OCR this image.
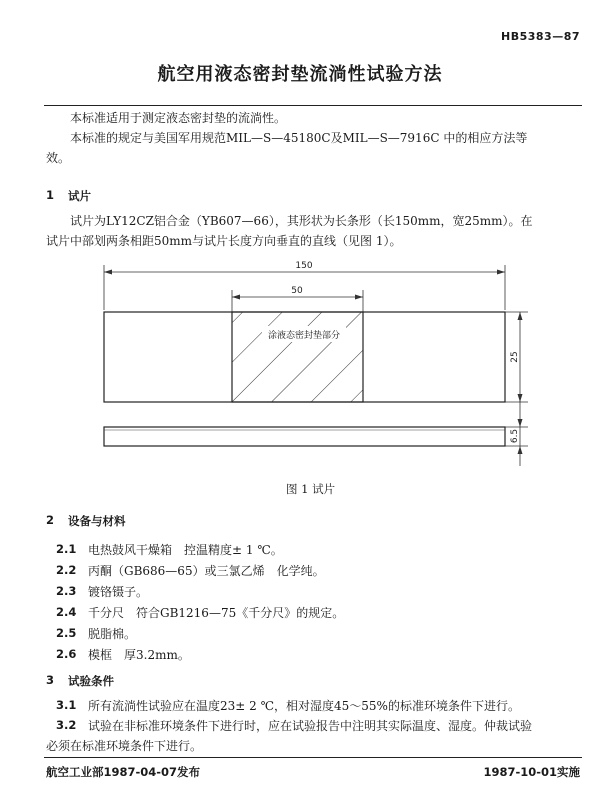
HB5383—87
航空用液态密封垫流淌性试验方法
本标准适用于测定液态密封垫的流淌性。
本标准的规定与美国军用规范MIL—S—45180C及MIL—S—7916C 中的相应方法等
效。
1 试片
试片为LY12CZ铝合金（YB607—66），其形状为长条形（长150mm，宽25mm）。在
试片中部划两条相距50mm与试片长度方向垂直的直线（见图 1）。
150
50
涂液态密封垫部分
25
6.5
图 1 试片
2 设备与材料
2.1 电热鼓风干燥箱　控温精度± 1 ℃。
2.2 丙酮（GB686—65）或三氯乙烯　化学纯。
2.3 镀铬镊子。
2.4 千分尺　符合GB1216—75《千分尺》的规定。
2.5 脱脂棉。
2.6 模框　厚3.2mm。
3 试验条件
3.1 所有流淌性试验应在温度23± 2 ℃，相对湿度45～55%的标准环境条件下进行。
3.2 试验在非标准环境条件下进行时，应在试验报告中注明其实际温度、湿度。仲裁试验
必须在标准环境条件下进行。
航空工业部1987-04-07发布	1987-10-01实施
